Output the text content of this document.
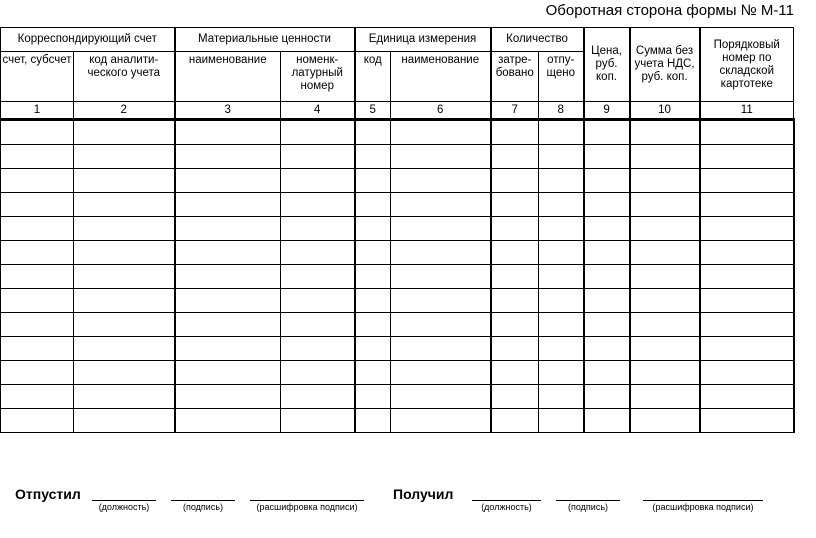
Оборотная сторона формы № М-11
Корреспондирующий счет		Материальные ценности		Единица измерения		Количество		Цена, руб. коп.	Сумма без учета НДС, руб. коп.	Порядковый номер по складской картотеке
счет, субсчет	код аналити-ческого учета	наименование	номенк-латурный номер	код	наименование	затре-бовано	отпу-щено			
1	2	3	4	5	6	7	8	9	10	11

Отпустил
(должность)	(подпись)	(расшифровка подписи)
Получил
(должность)	(подпись)	(расшифровка подписи)
